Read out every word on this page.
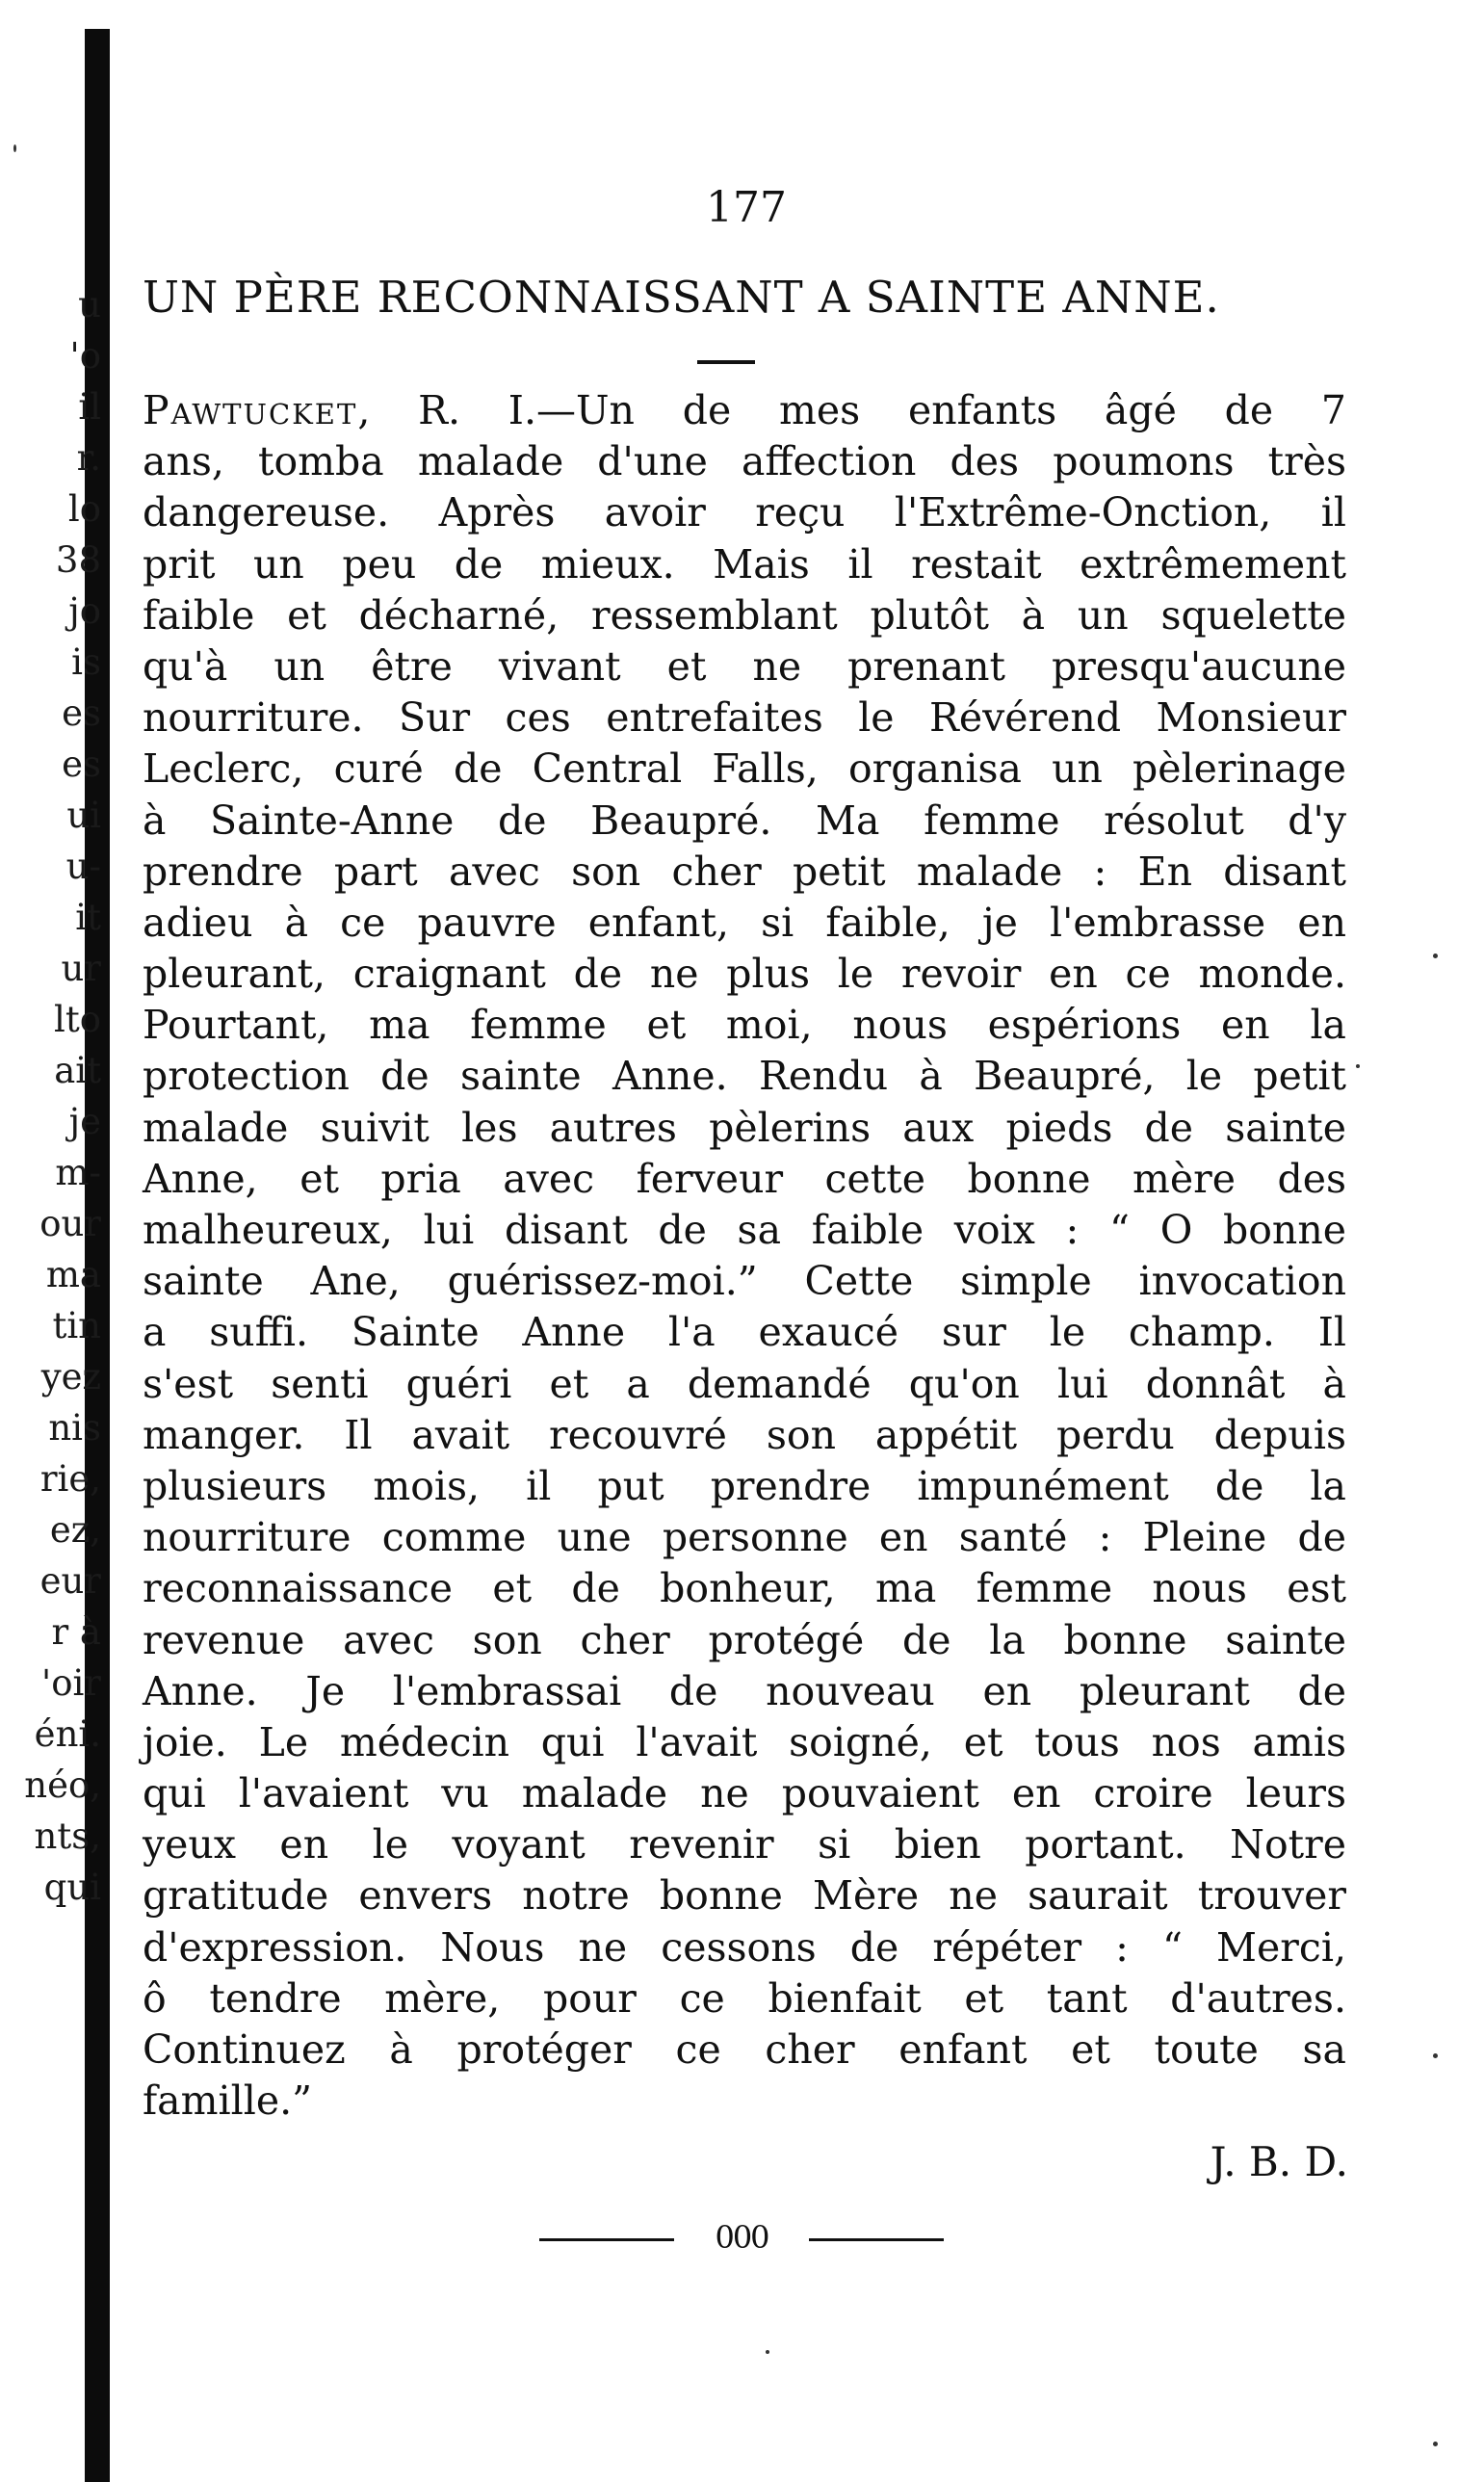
u
'o
il
r.
lo
38
jo
is
es
es
ui
u-
it
ur
lto
ait
je
m-
our
ma
tin
yez
nis
rie,
ez,
eur
r à
'oir
éni.
néo,
nts,
qui
177
UN PÈRE RECONNAISSANT A SAINTE ANNE.
Pawtucket, R. I.—Un de mes enfants âgé de 7
ans, tomba malade d'une affection des poumons très
dangereuse. Après avoir reçu l'Extrême-Onction, il
prit un peu de mieux. Mais il restait extrêmement
faible et décharné, ressemblant plutôt à un squelette
qu'à un être vivant et ne prenant presqu'aucune
nourriture. Sur ces entrefaites le Révérend Monsieur
Leclerc, curé de Central Falls, organisa un pèlerinage
à Sainte-Anne de Beaupré. Ma femme résolut d'y
prendre part avec son cher petit malade : En disant
adieu à ce pauvre enfant, si faible, je l'embrasse en
pleurant, craignant de ne plus le revoir en ce monde.
Pourtant, ma femme et moi, nous espérions en la
protection de sainte Anne. Rendu à Beaupré, le petit
malade suivit les autres pèlerins aux pieds de sainte
Anne, et pria avec ferveur cette bonne mère des
malheureux, lui disant de sa faible voix : “ O bonne
sainte Ane, guérissez-moi.” Cette simple invocation
a suffi. Sainte Anne l'a exaucé sur le champ. Il
s'est senti guéri et a demandé qu'on lui donnât à
manger. Il avait recouvré son appétit perdu depuis
plusieurs mois, il put prendre impunément de la
nourriture comme une personne en santé : Pleine de
reconnaissance et de bonheur, ma femme nous est
revenue avec son cher protégé de la bonne sainte
Anne. Je l'embrassai de nouveau en pleurant de
joie. Le médecin qui l'avait soigné, et tous nos amis
qui l'avaient vu malade ne pouvaient en croire leurs
yeux en le voyant revenir si bien portant. Notre
gratitude envers notre bonne Mère ne saurait trouver
d'expression. Nous ne cessons de répéter : “ Merci,
ô tendre mère, pour ce bienfait et tant d'autres.
Continuez à protéger ce cher enfant et toute sa
famille.”
J. B. D.
000
